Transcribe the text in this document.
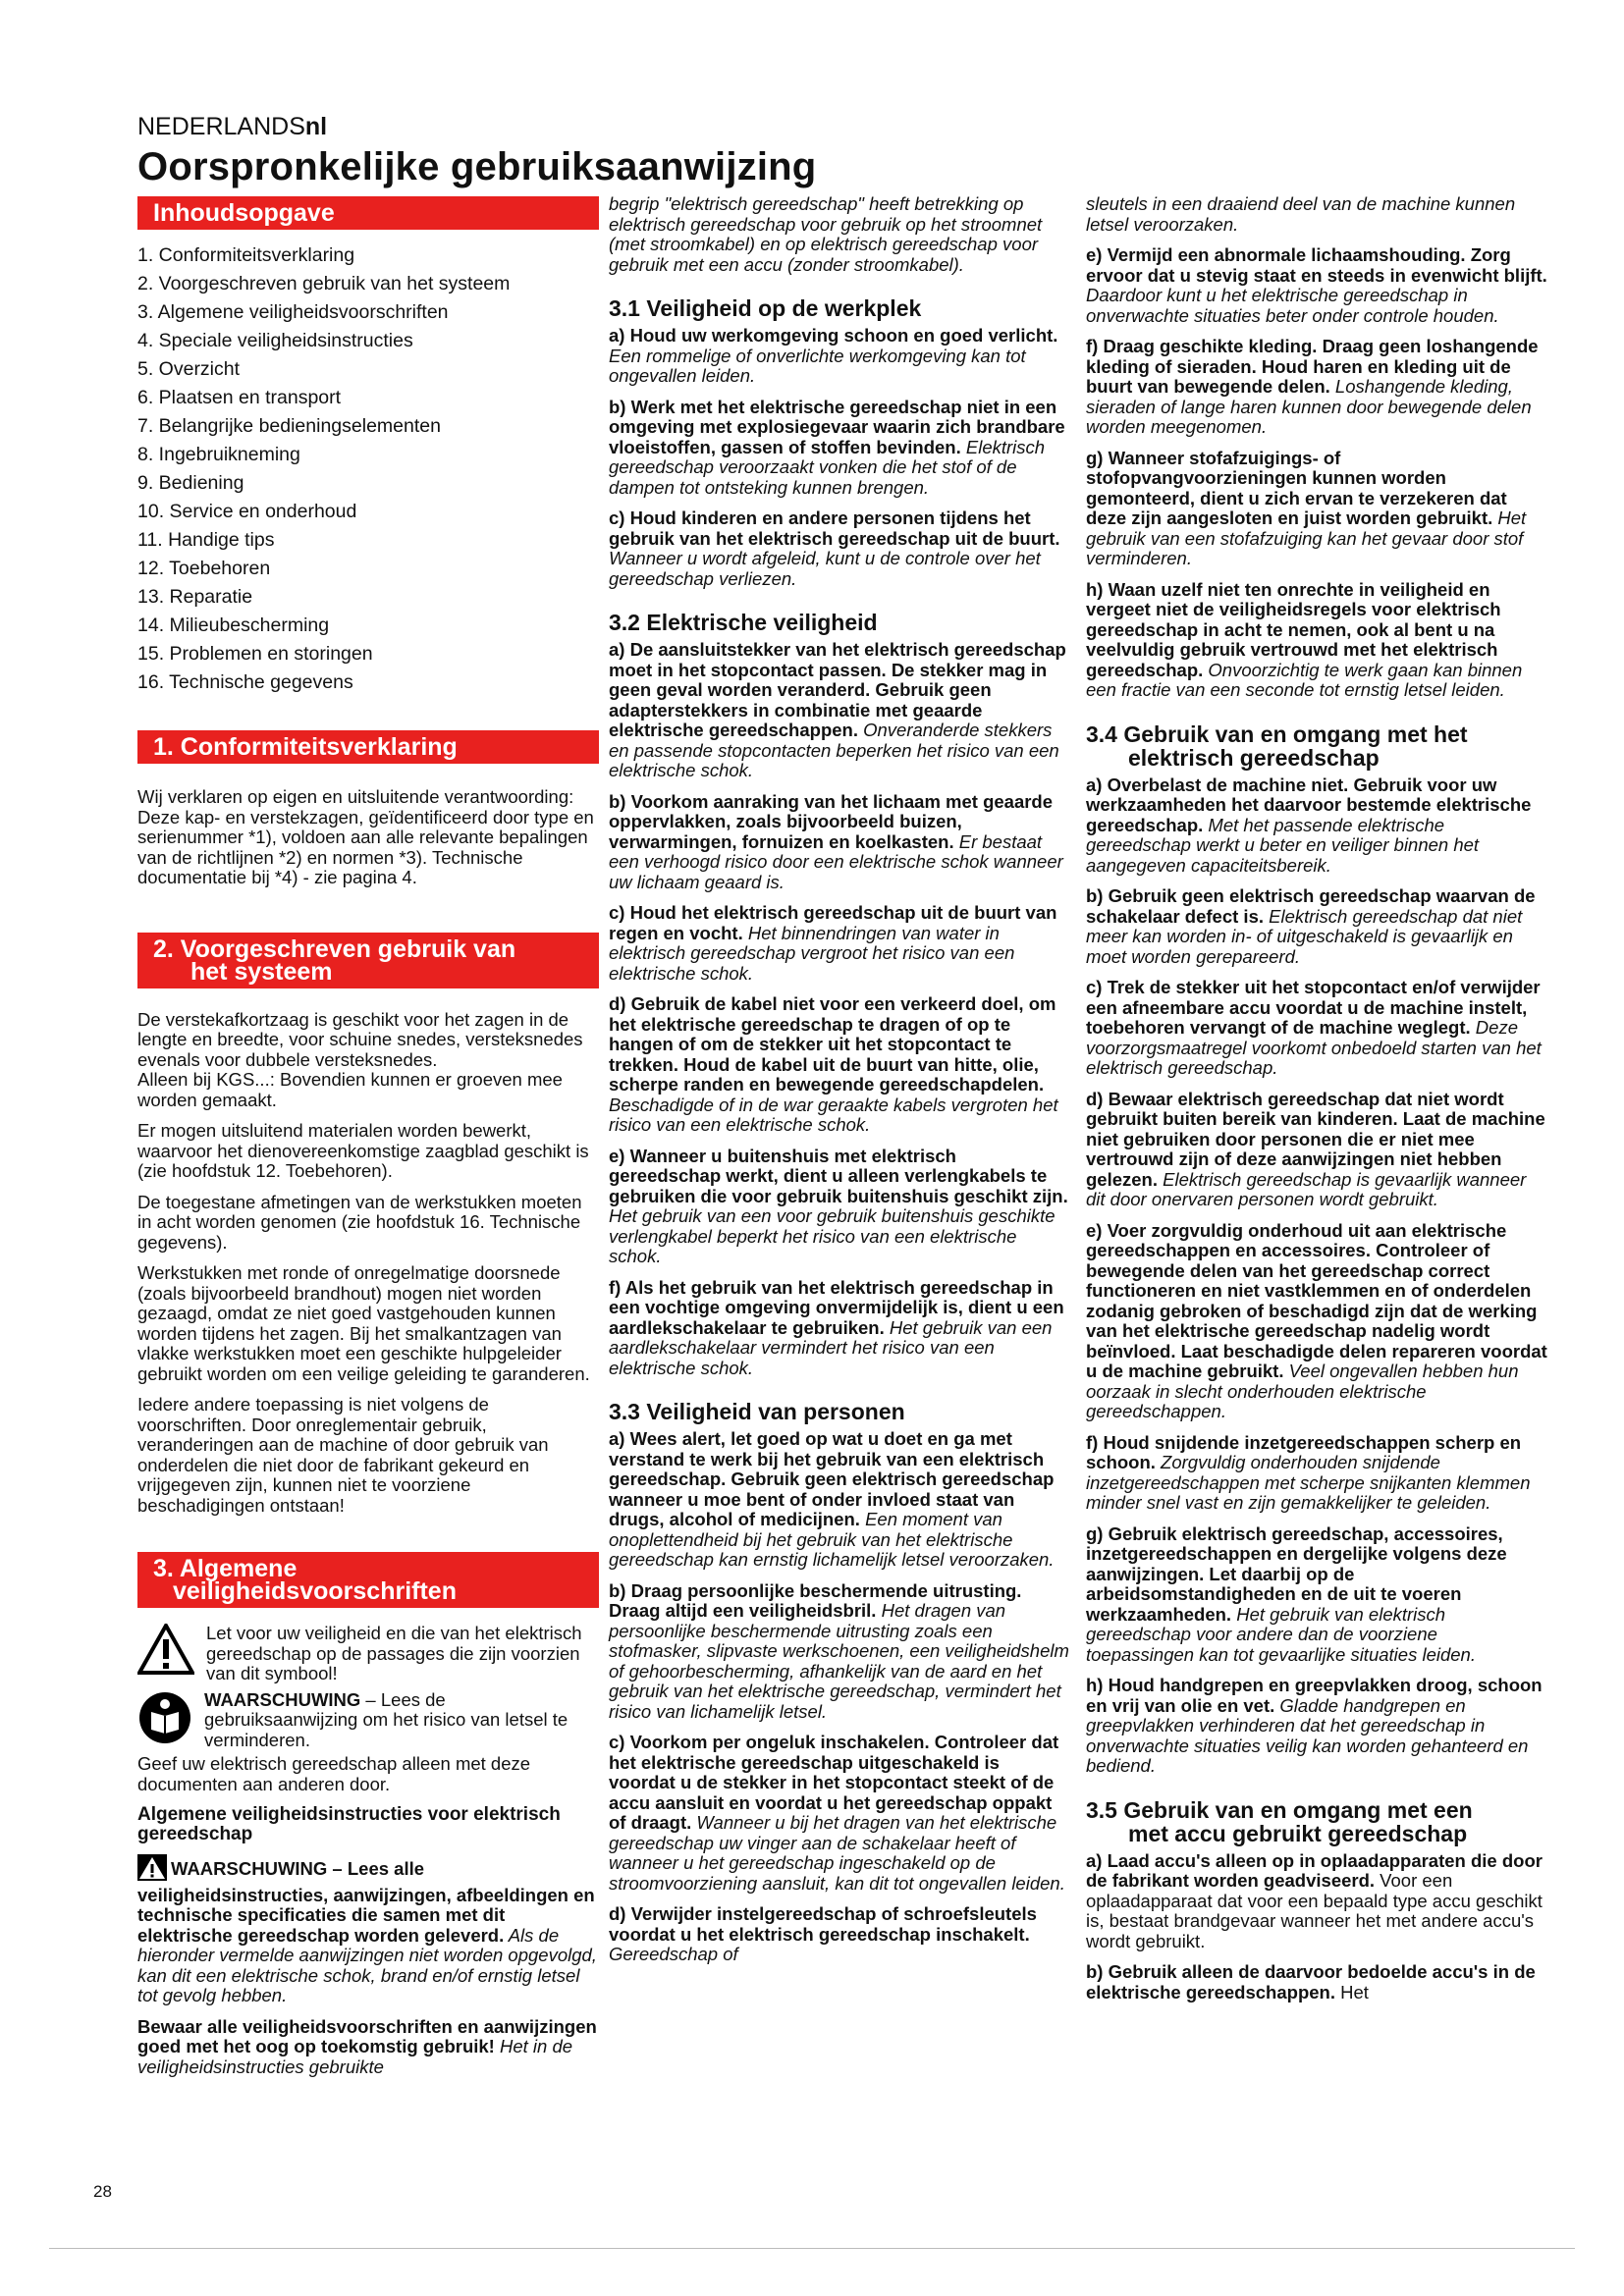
NEDERLANDSnl
Oorspronkelijke gebruiksaanwijzing
Inhoudsopgave
1. Conformiteitsverklaring
2. Voorgeschreven gebruik van het systeem
3. Algemene veiligheidsvoorschriften
4. Speciale veiligheidsinstructies
5. Overzicht
6. Plaatsen en transport
7. Belangrijke bedieningselementen
8. Ingebruikneming
9. Bediening
10. Service en onderhoud
11. Handige tips
12. Toebehoren
13. Reparatie
14. Milieubescherming
15. Problemen en storingen
16. Technische gegevens
1. Conformiteitsverklaring

Wij verklaren op eigen en uitsluitende verantwoording: Deze kap- en verstekzagen, geïdentificeerd door type en serienummer *1), voldoen aan alle relevante bepalingen van de richtlijnen *2) en normen *3). Technische documentatie bij *4) - zie pagina 4.

2. Voorgeschreven gebruik van
het systeem

De verstekafkortzaag is geschikt voor het zagen in de lengte en breedte, voor schuine snedes, versteksnedes evenals voor dubbele versteksnedes.

Alleen bij KGS...: Bovendien kunnen er groeven mee worden gemaakt.

Er mogen uitsluitend materialen worden bewerkt, waarvoor het dienovereenkomstige zaagblad geschikt is (zie hoofdstuk 12. Toebehoren).

De toegestane afmetingen van de werkstukken moeten in acht worden genomen (zie hoofdstuk 16. Technische gegevens).

Werkstukken met ronde of onregelmatige doorsnede (zoals bijvoorbeeld brandhout) mogen niet worden gezaagd, omdat ze niet goed vastgehouden kunnen worden tijdens het zagen. Bij het smalkantzagen van vlakke werkstukken moet een geschikte hulpgeleider gebruikt worden om een veilige geleiding te garanderen.

Iedere andere toepassing is niet volgens de voorschriften. Door onreglementair gebruik, veranderingen aan de machine of door gebruik van onderdelen die niet door de fabrikant gekeurd en vrijgegeven zijn, kunnen niet te voorziene beschadigingen ontstaan!

3. Algemene
veiligheidsvoorschriften
Let voor uw veiligheid en die van het elektrisch gereedschap op de passages die zijn voorzien van dit symbool!
WAARSCHUWING – Lees de gebruiksaanwijzing om het risico van letsel te verminderen.

Geef uw elektrisch gereedschap alleen met deze documenten aan anderen door.

Algemene veiligheidsinstructies voor elektrisch gereedschap

WAARSCHUWING – Lees alle veiligheidsinstructies, aanwijzingen, afbeeldingen en technische specificaties die samen met dit elektrische gereedschap worden geleverd. Als de hieronder vermelde aanwijzingen niet worden opgevolgd, kan dit een elektrische schok, brand en/of ernstig letsel tot gevolg hebben.

Bewaar alle veiligheidsvoorschriften en aanwijzingen goed met het oog op toekomstig gebruik! Het in de veiligheidsinstructies gebruikte

begrip "elektrisch gereedschap" heeft betrekking op elektrisch gereedschap voor gebruik op het stroomnet (met stroomkabel) en op elektrisch gereedschap voor gebruik met een accu (zonder stroomkabel).

3.1 Veiligheid op de werkplek

a) Houd uw werkomgeving schoon en goed verlicht. Een rommelige of onverlichte werkomgeving kan tot ongevallen leiden.

b) Werk met het elektrische gereedschap niet in een omgeving met explosiegevaar waarin zich brandbare vloeistoffen, gassen of stoffen bevinden. Elektrisch gereedschap veroorzaakt vonken die het stof of de dampen tot ontsteking kunnen brengen.

c) Houd kinderen en andere personen tijdens het gebruik van het elektrisch gereedschap uit de buurt. Wanneer u wordt afgeleid, kunt u de controle over het gereedschap verliezen.

3.2 Elektrische veiligheid

a) De aansluitstekker van het elektrisch gereedschap moet in het stopcontact passen. De stekker mag in geen geval worden veranderd. Gebruik geen adapterstekkers in combinatie met geaarde elektrische gereedschappen. Onveranderde stekkers en passende stopcontacten beperken het risico van een elektrische schok.

b) Voorkom aanraking van het lichaam met geaarde oppervlakken, zoals bijvoorbeeld buizen, verwarmingen, fornuizen en koelkasten. Er bestaat een verhoogd risico door een elektrische schok wanneer uw lichaam geaard is.

c) Houd het elektrisch gereedschap uit de buurt van regen en vocht. Het binnendringen van water in elektrisch gereedschap vergroot het risico van een elektrische schok.

d) Gebruik de kabel niet voor een verkeerd doel, om het elektrische gereedschap te dragen of op te hangen of om de stekker uit het stopcontact te trekken. Houd de kabel uit de buurt van hitte, olie, scherpe randen en bewegende gereedschapdelen. Beschadigde of in de war geraakte kabels vergroten het risico van een elektrische schok.

e) Wanneer u buitenshuis met elektrisch gereedschap werkt, dient u alleen verlengkabels te gebruiken die voor gebruik buitenshuis geschikt zijn. Het gebruik van een voor gebruik buitenshuis geschikte verlengkabel beperkt het risico van een elektrische schok.

f) Als het gebruik van het elektrisch gereedschap in een vochtige omgeving onvermijdelijk is, dient u een aardlekschakelaar te gebruiken. Het gebruik van een aardlekschakelaar vermindert het risico van een elektrische schok.

3.3 Veiligheid van personen

a) Wees alert, let goed op wat u doet en ga met verstand te werk bij het gebruik van een elektrisch gereedschap. Gebruik geen elektrisch gereedschap wanneer u moe bent of onder invloed staat van drugs, alcohol of medicijnen. Een moment van onoplettendheid bij het gebruik van het elektrische gereedschap kan ernstig lichamelijk letsel veroorzaken.

b) Draag persoonlijke beschermende uitrusting. Draag altijd een veiligheidsbril. Het dragen van persoonlijke beschermende uitrusting zoals een stofmasker, slipvaste werkschoenen, een veiligheidshelm of gehoorbescherming, afhankelijk van de aard en het gebruik van het elektrische gereedschap, vermindert het risico van lichamelijk letsel.

c) Voorkom per ongeluk inschakelen. Controleer dat het elektrische gereedschap uitgeschakeld is voordat u de stekker in het stopcontact steekt of de accu aansluit en voordat u het gereedschap oppakt of draagt. Wanneer u bij het dragen van het elektrische gereedschap uw vinger aan de schakelaar heeft of wanneer u het gereedschap ingeschakeld op de stroomvoorziening aansluit, kan dit tot ongevallen leiden.

d) Verwijder instelgereedschap of schroefsleutels voordat u het elektrisch gereedschap inschakelt. Gereedschap of

sleutels in een draaiend deel van de machine kunnen letsel veroorzaken.

e) Vermijd een abnormale lichaamshouding. Zorg ervoor dat u stevig staat en steeds in evenwicht blijft. Daardoor kunt u het elektrische gereedschap in onverwachte situaties beter onder controle houden.

f) Draag geschikte kleding. Draag geen loshangende kleding of sieraden. Houd haren en kleding uit de buurt van bewegende delen. Loshangende kleding, sieraden of lange haren kunnen door bewegende delen worden meegenomen.

g) Wanneer stofafzuigings- of stofopvangvoorzieningen kunnen worden gemonteerd, dient u zich ervan te verzekeren dat deze zijn aangesloten en juist worden gebruikt. Het gebruik van een stofafzuiging kan het gevaar door stof verminderen.

h) Waan uzelf niet ten onrechte in veiligheid en vergeet niet de veiligheidsregels voor elektrisch gereedschap in acht te nemen, ook al bent u na veelvuldig gebruik vertrouwd met het elektrisch gereedschap. Onvoorzichtig te werk gaan kan binnen een fractie van een seconde tot ernstig letsel leiden.

3.4 Gebruik van en omgang met het
elektrisch gereedschap

a) Overbelast de machine niet. Gebruik voor uw werkzaamheden het daarvoor bestemde elektrische gereedschap. Met het passende elektrische gereedschap werkt u beter en veiliger binnen het aangegeven capaciteitsbereik.

b) Gebruik geen elektrisch gereedschap waarvan de schakelaar defect is. Elektrisch gereedschap dat niet meer kan worden in- of uitgeschakeld is gevaarlijk en moet worden gerepareerd.

c) Trek de stekker uit het stopcontact en/of verwijder een afneembare accu voordat u de machine instelt, toebehoren vervangt of de machine weglegt. Deze voorzorgsmaatregel voorkomt onbedoeld starten van het elektrisch gereedschap.

d) Bewaar elektrisch gereedschap dat niet wordt gebruikt buiten bereik van kinderen. Laat de machine niet gebruiken door personen die er niet mee vertrouwd zijn of deze aanwijzingen niet hebben gelezen. Elektrisch gereedschap is gevaarlijk wanneer dit door onervaren personen wordt gebruikt.

e) Voer zorgvuldig onderhoud uit aan elektrische gereedschappen en accessoires. Controleer of bewegende delen van het gereedschap correct functioneren en niet vastklemmen en of onderdelen zodanig gebroken of beschadigd zijn dat de werking van het elektrische gereedschap nadelig wordt beïnvloed. Laat beschadigde delen repareren voordat u de machine gebruikt. Veel ongevallen hebben hun oorzaak in slecht onderhouden elektrische gereedschappen.

f) Houd snijdende inzetgereedschappen scherp en schoon. Zorgvuldig onderhouden snijdende inzetgereedschappen met scherpe snijkanten klemmen minder snel vast en zijn gemakkelijker te geleiden.

g) Gebruik elektrisch gereedschap, accessoires, inzetgereedschappen en dergelijke volgens deze aanwijzingen. Let daarbij op de arbeidsomstandigheden en de uit te voeren werkzaamheden. Het gebruik van elektrisch gereedschap voor andere dan de voorziene toepassingen kan tot gevaarlijke situaties leiden.

h) Houd handgrepen en greepvlakken droog, schoon en vrij van olie en vet. Gladde handgrepen en greepvlakken verhinderen dat het gereedschap in onverwachte situaties veilig kan worden gehanteerd en bediend.

3.5 Gebruik van en omgang met een
met accu gebruikt gereedschap

a) Laad accu's alleen op in oplaadapparaten die door de fabrikant worden geadviseerd. Voor een oplaadapparaat dat voor een bepaald type accu geschikt is, bestaat brandgevaar wanneer het met andere accu's wordt gebruikt.

b) Gebruik alleen de daarvoor bedoelde accu's in de elektrische gereedschappen. Het

28
